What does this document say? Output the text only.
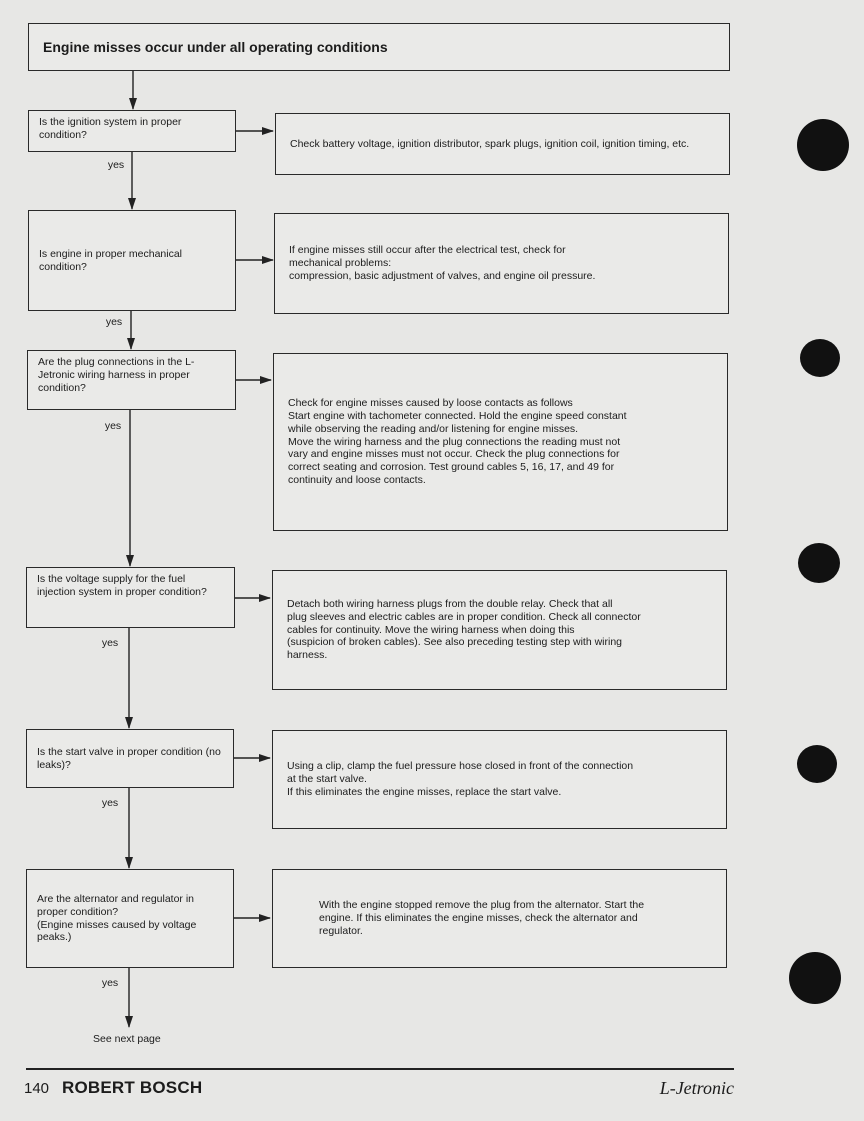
Engine misses occur under all operating conditions
Is the ignition system in proper condition?
Check battery voltage, ignition distributor, spark plugs, ignition coil, ignition timing, etc.
yes
Is engine in proper mechanical condition?
If engine misses still occur after the electrical test, check for
mechanical problems:
compression, basic adjustment of valves, and engine oil pressure.
yes
Are the plug connections in the L-Jetronic wiring harness in proper condition?
Check for engine misses caused by loose contacts as follows
Start engine with tachometer connected. Hold the engine speed constant
while observing the reading and/or listening for engine misses.
Move the wiring harness and the plug connections the reading must not
vary and engine misses must not occur. Check the plug connections for
correct seating and corrosion. Test ground cables 5, 16, 17, and 49 for
continuity and loose contacts.
yes
Is the voltage supply for the fuel injection system in proper condition?
Detach both wiring harness plugs from the double relay. Check that all
plug sleeves and electric cables are in proper condition. Check all connector
cables for continuity. Move the wiring harness when doing this
(suspicion of broken cables). See also preceding testing step with wiring
harness.
yes
Is the start valve in proper condition (no leaks)?	Using a clip, clamp the fuel pressure hose closed in front of the connection
at the start valve.
If this eliminates the engine misses, replace the start valve.
yes
Are the alternator and regulator in proper condition?
(Engine misses caused by voltage peaks.)
With the engine stopped remove the plug from the alternator. Start the
engine. If this eliminates the engine misses, check the alternator and
regulator.
yes
See next page
140 ROBERT BOSCH	L-Jetronic
